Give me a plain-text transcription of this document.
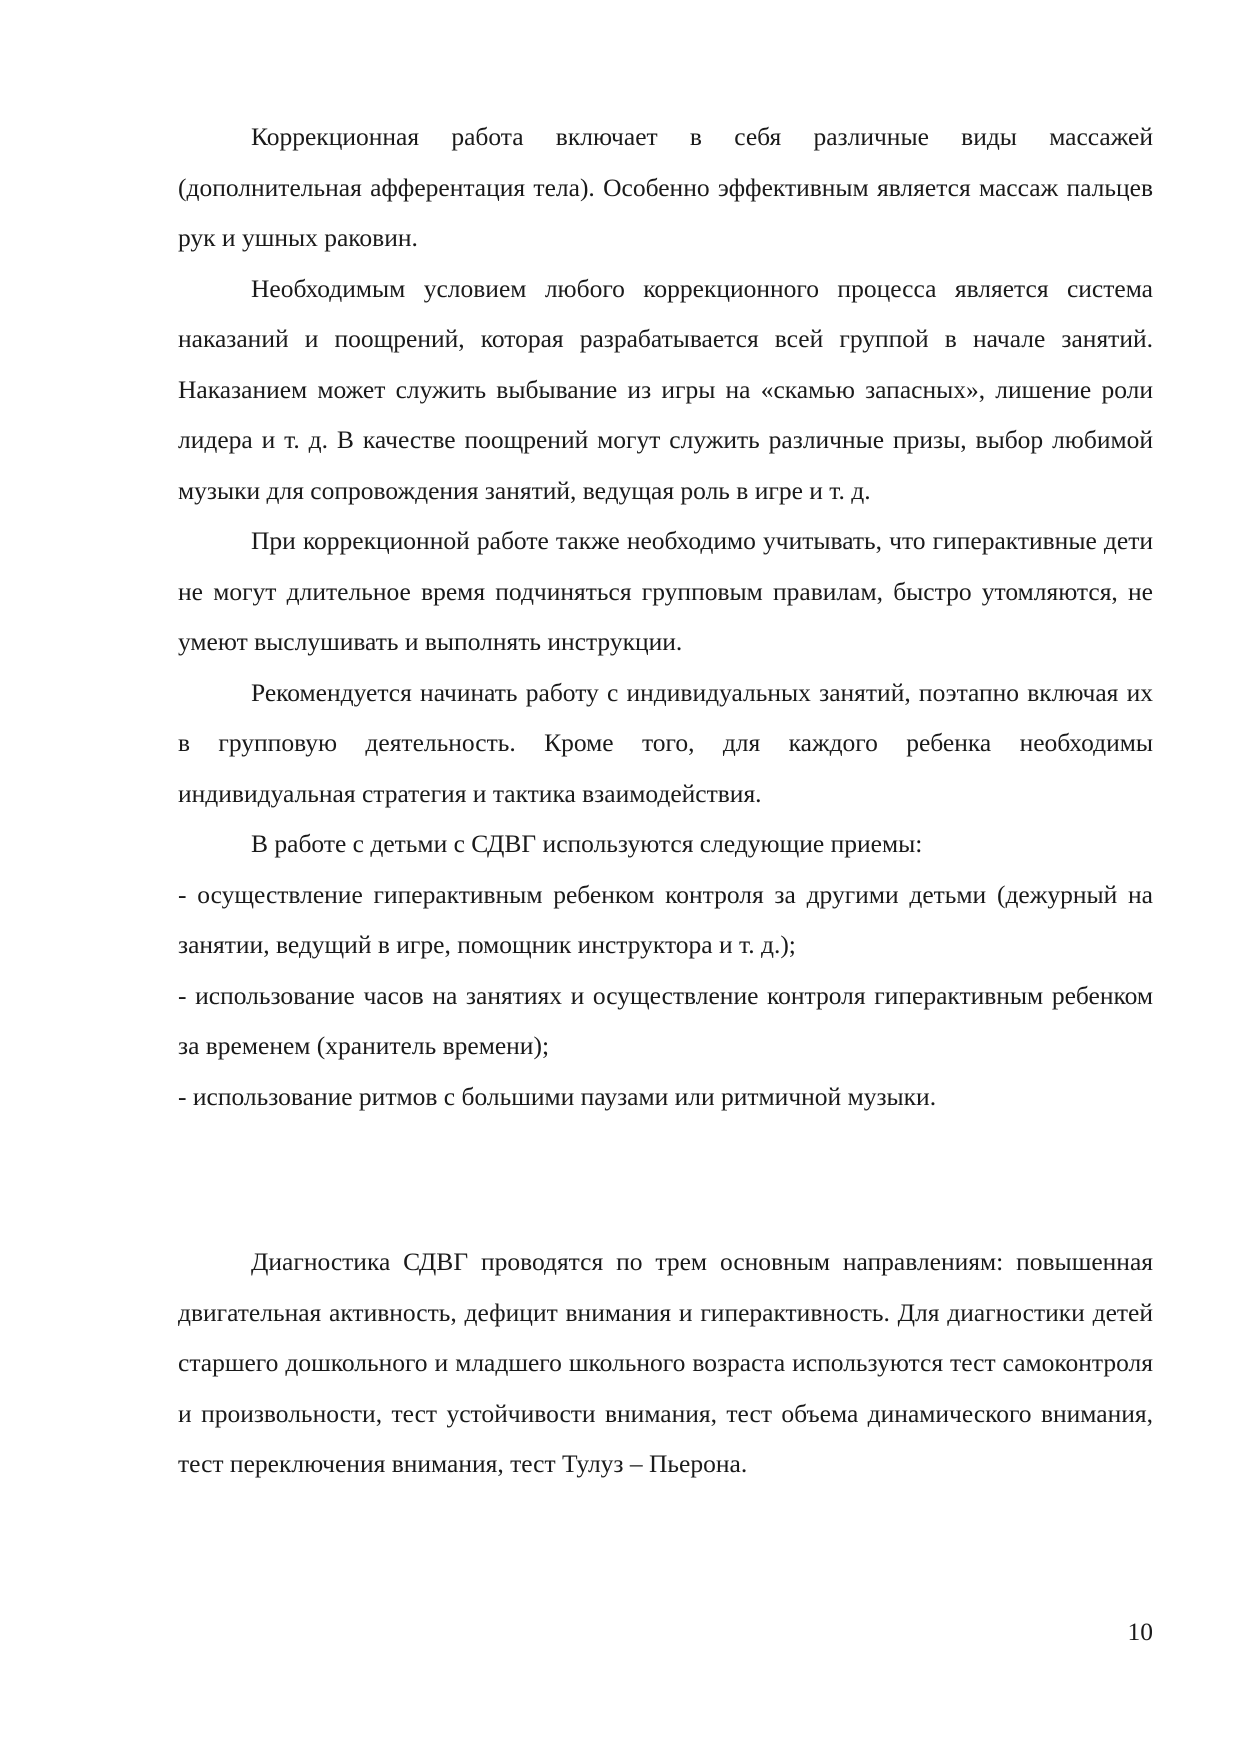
Коррекционная работа включает в себя различные виды массажей (дополнительная афферентация тела). Особенно эффективным является массаж пальцев рук и ушных раковин.

Необходимым условием любого коррекционного процесса является система наказаний и поощрений, которая разрабатывается всей группой в начале занятий. Наказанием может служить выбывание из игры на «скамью запасных», лишение роли лидера и т. д. В качестве поощрений могут служить различные призы, выбор любимой музыки для сопровождения занятий, ведущая роль в игре и т. д.

При коррекционной работе также необходимо учитывать, что гиперактивные дети не могут длительное время подчиняться групповым правилам, быстро утомляются, не умеют выслушивать и выполнять инструкции.

Рекомендуется начинать работу с индивидуальных занятий, поэтапно включая их в групповую деятельность. Кроме того, для каждого ребенка необходимы индивидуальная стратегия и тактика взаимодействия.

В работе с детьми с СДВГ используются следующие приемы:

- осуществление гиперактивным ребенком контроля за другими детьми (дежурный на занятии, ведущий в игре, помощник инструктора и т. д.);

- использование часов на занятиях и осуществление контроля гиперактивным ребенком за временем (хранитель времени);

- использование ритмов с большими паузами или ритмичной музыки.

Диагностика СДВГ проводятся по трем основным направлениям: повышенная двигательная активность, дефицит внимания и гиперактивность. Для диагностики детей старшего дошкольного и младшего школьного возраста используются тест самоконтроля и произвольности, тест устойчивости внимания, тест объема динамического внимания, тест переключения внимания, тест Тулуз – Пьерона.

10
